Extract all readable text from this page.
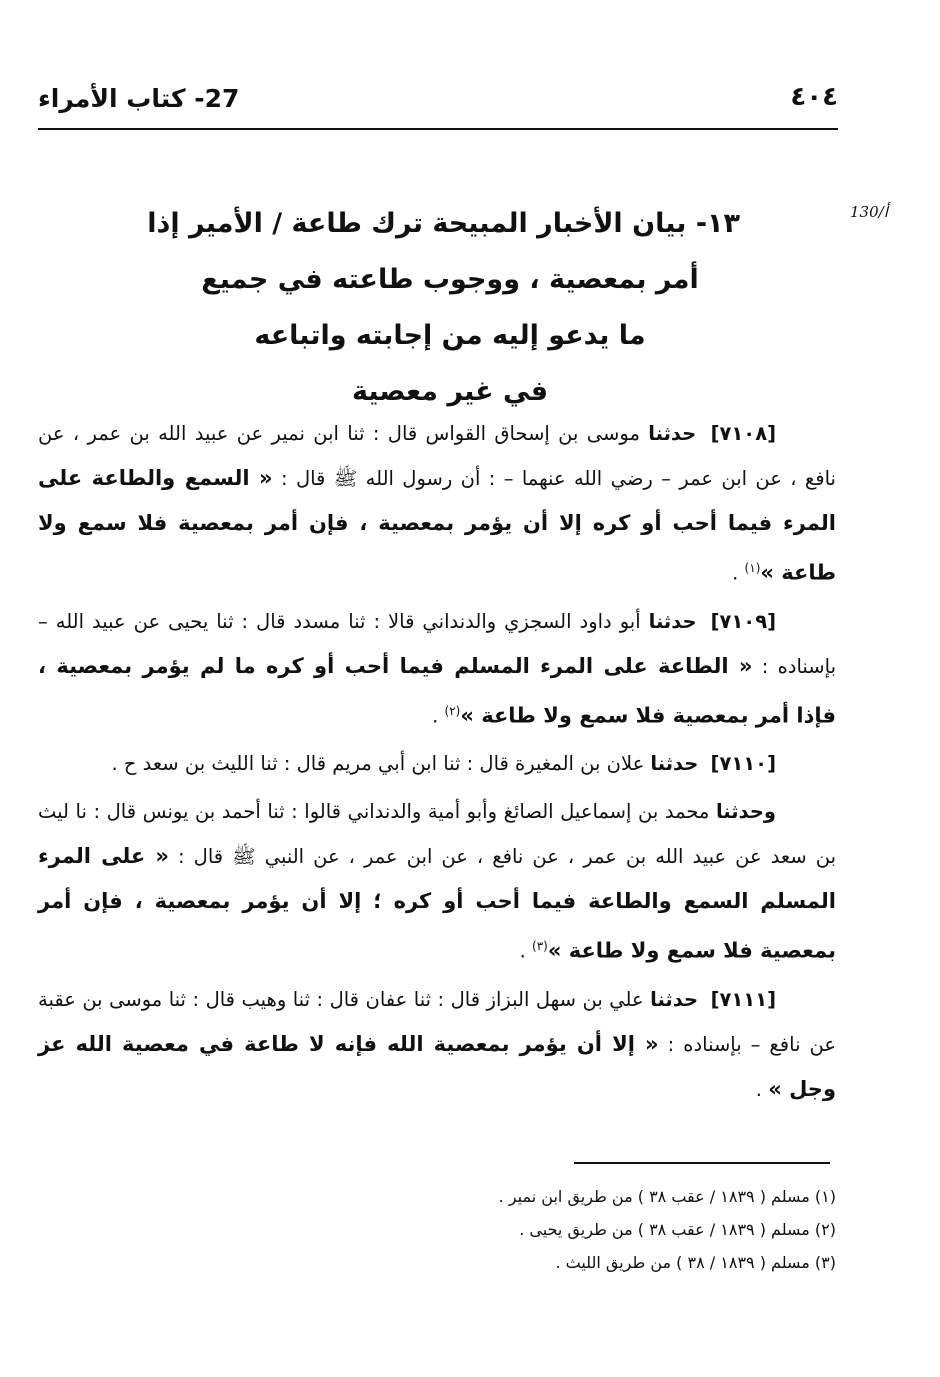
٤٠٤
27- كتاب الأمراء
130/أ
١٣- بيان الأخبار المبيحة ترك طاعة / الأمير إذا
أمر بمعصية ، ووجوب طاعته في جميع
ما يدعو إليه من إجابته واتباعه
في غير معصية

[٧١٠٨] حدثنا موسى بن إسحاق القواس قال : ثنا ابن نمير عن عبيد الله بن عمر ، عن نافع ، عن ابن عمر – رضي الله عنهما – : أن رسول الله ﷺ قال : « السمع والطاعة على المرء فيما أحب أو كره إلا أن يؤمر بمعصية ، فإن أمر بمعصية فلا سمع ولا طاعة »$^{(١)}$ .

[٧١٠٩] حدثنا أبو داود السجزي والدنداني قالا : ثنا مسدد قال : ثنا يحيى عن عبيد الله – بإسناده : « الطاعة على المرء المسلم فيما أحب أو كره ما لم يؤمر بمعصية ، فإذا أمر بمعصية فلا سمع ولا طاعة »$^{(٢)}$ .

[٧١١٠] حدثنا علان بن المغيرة قال : ثنا ابن أبي مريم قال : ثنا الليث بن سعد ح .

وحدثنا محمد بن إسماعيل الصائغ وأبو أمية والدنداني قالوا : ثنا أحمد بن يونس قال : نا ليث بن سعد عن عبيد الله بن عمر ، عن نافع ، عن ابن عمر ، عن النبي ﷺ قال : « على المرء المسلم السمع والطاعة فيما أحب أو كره ؛ إلا أن يؤمر بمعصية ، فإن أمر بمعصية فلا سمع ولا طاعة »$^{(٣)}$ .

[٧١١١] حدثنا علي بن سهل البزاز قال : ثنا عفان قال : ثنا وهيب قال : ثنا موسى بن عقبة عن نافع – بإسناده : « إلا أن يؤمر بمعصية الله فإنه لا طاعة في معصية الله عز وجل » .

(١) مسلم ( ١٨٣٩ / عقب ٣٨ ) من طريق ابن نمير .
(٢) مسلم ( ١٨٣٩ / عقب ٣٨ ) من طريق يحيى .
(٣) مسلم ( ١٨٣٩ / ٣٨ ) من طريق الليث .
